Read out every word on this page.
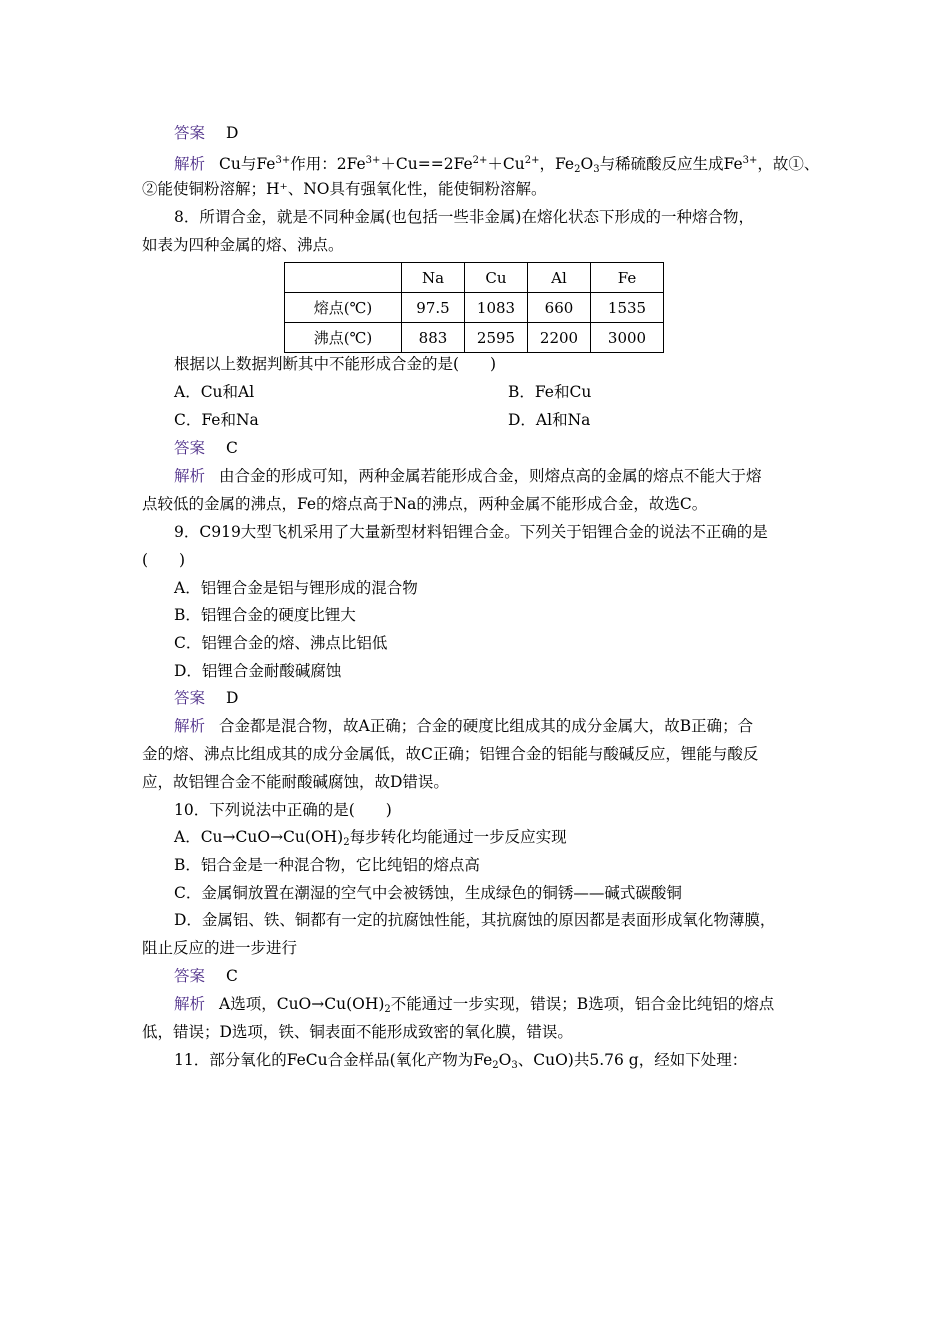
答案 D
解析 Cu与$Fe^{3+}$作用：$2Fe^{3+}+Cu==2Fe^{2+}+Cu^{2+}$，$Fe_2O_3$与稀硫酸反应生成$Fe^{3+}$，故①、
②能使铜粉溶解；H⁺、NO具有强氧化性，能使铜粉溶解。
8．所谓合金，就是不同种金属(也包括一些非金属)在熔化状态下形成的一种熔合物，
如表为四种金属的熔、沸点。
	Na	Cu	Al	Fe
熔点(℃)	97.5	1083	660	1535
沸点(℃)	883	2595	2200	3000
根据以上数据判断其中不能形成合金的是(　　)
A．Cu和Al	B．Fe和Cu
C．Fe和Na	D．Al和Na
答案 C
解析 由合金的形成可知，两种金属若能形成合金，则熔点高的金属的熔点不能大于熔
点较低的金属的沸点，Fe的熔点高于Na的沸点，两种金属不能形成合金，故选C。
9．C919大型飞机采用了大量新型材料铝锂合金。下列关于铝锂合金的说法不正确的是
(　　)
A．铝锂合金是铝与锂形成的混合物
B．铝锂合金的硬度比锂大
C．铝锂合金的熔、沸点比铝低
D．铝锂合金耐酸碱腐蚀
答案 D
解析 合金都是混合物，故A正确；合金的硬度比组成其的成分金属大，故B正确；合
金的熔、沸点比组成其的成分金属低，故C正确；铝锂合金的铝能与酸碱反应，锂能与酸反
应，故铝锂合金不能耐酸碱腐蚀，故D错误。
10．下列说法中正确的是(　　)
A．$Cu\to CuO\to Cu(OH)_2$每步转化均能通过一步反应实现
B．铝合金是一种混合物，它比纯铝的熔点高
C．金属铜放置在潮湿的空气中会被锈蚀，生成绿色的铜锈——碱式碳酸铜
D．金属铝、铁、铜都有一定的抗腐蚀性能，其抗腐蚀的原因都是表面形成氧化物薄膜，
阻止反应的进一步进行
答案 C
解析 A选项，$CuO\to Cu(OH)_2$不能通过一步实现，错误；B选项，铝合金比纯铝的熔点
低，错误；D选项，铁、铜表面不能形成致密的氧化膜，错误。
11．部分氧化的FeCu合金样品(氧化产物为$Fe_2O_3$、CuO)共5.76 g，经如下处理：
